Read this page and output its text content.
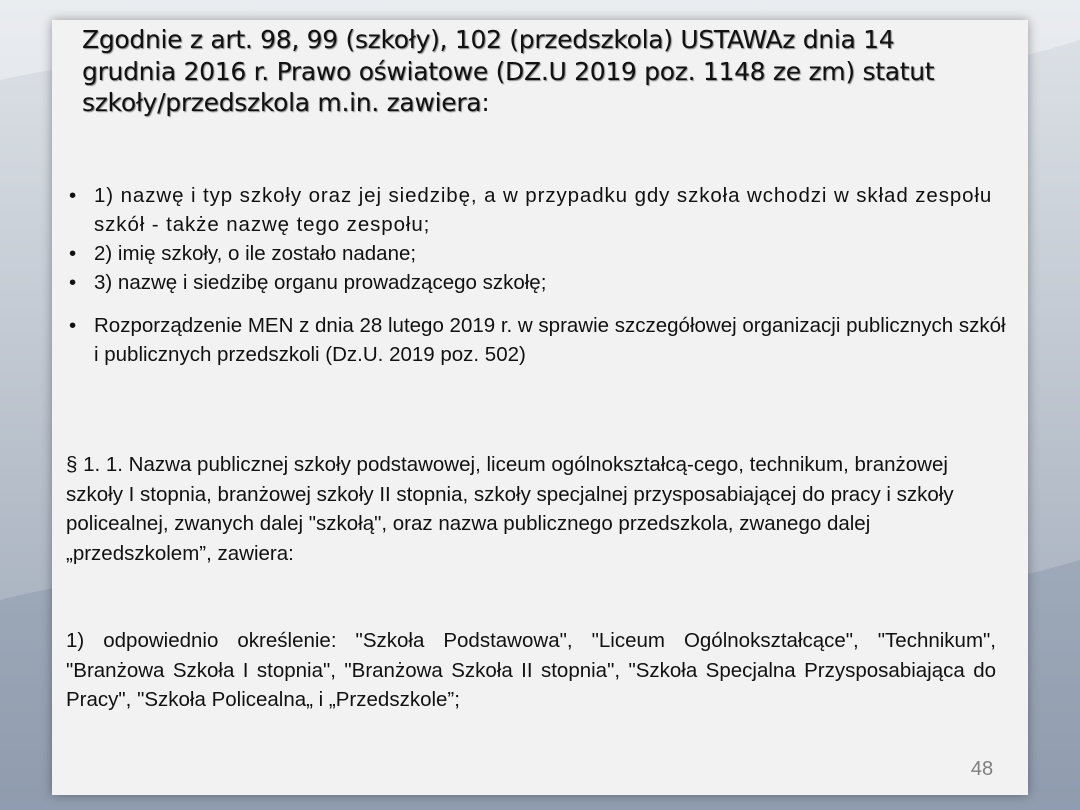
Zgodnie z art. 98, 99 (szkoły), 102 (przedszkola) USTAWAz dnia 14 grudnia 2016 r. Prawo oświatowe (DZ.U 2019 poz. 1148 ze zm) statut szkoły/przedszkola m.in. zawiera:
• 1) nazwę i typ szkoły oraz jej siedzibę, a w przypadku gdy szkoła wchodzi w skład zespołu szkół - także nazwę tego zespołu;
• 2) imię szkoły, o ile zostało nadane;
• 3) nazwę i siedzibę organu prowadzącego szkołę;
• Rozporządzenie MEN z dnia 28 lutego 2019 r. w sprawie szczegółowej organizacji publicznych szkół i publicznych przedszkoli (Dz.U. 2019 poz. 502)

§ 1. 1. Nazwa publicznej szkoły podstawowej, liceum ogólnokształcą-cego, technikum, branżowej szkoły I stopnia, branżowej szkoły II stopnia, szkoły specjalnej przysposabiającej do pracy i szkoły policealnej, zwanych dalej "szkołą", oraz nazwa publicznego przedszkola, zwanego dalej „przedszkolem”, zawiera:

1) odpowiednio określenie: "Szkoła Podstawowa", "Liceum Ogólnokształcące", "Technikum", "Branżowa Szkoła I stopnia", "Branżowa Szkoła II stopnia", "Szkoła Specjalna Przysposabiająca do Pracy", "Szkoła Policealna„ i „Przedszkole”;

48
